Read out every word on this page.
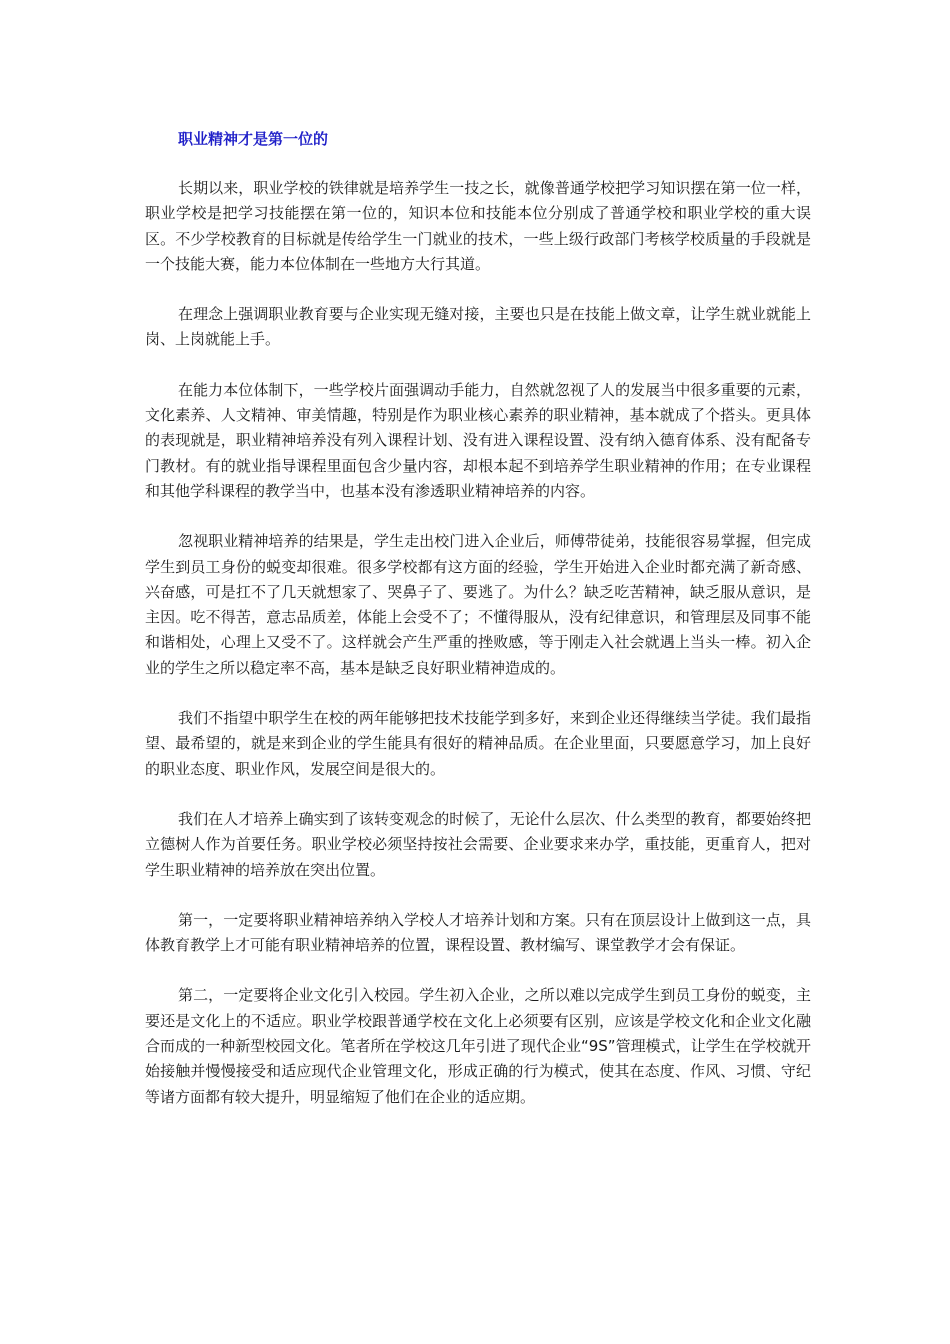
职业精神才是第一位的

长期以来，职业学校的铁律就是培养学生一技之长，就像普通学校把学习知识摆在第一位一样，职业学校是把学习技能摆在第一位的，知识本位和技能本位分别成了普通学校和职业学校的重大误区。不少学校教育的目标就是传给学生一门就业的技术，一些上级行政部门考核学校质量的手段就是一个技能大赛，能力本位体制在一些地方大行其道。

在理念上强调职业教育要与企业实现无缝对接，主要也只是在技能上做文章，让学生就业就能上岗、上岗就能上手。

在能力本位体制下，一些学校片面强调动手能力，自然就忽视了人的发展当中很多重要的元素，文化素养、人文精神、审美情趣，特别是作为职业核心素养的职业精神，基本就成了个搭头。更具体的表现就是，职业精神培养没有列入课程计划、没有进入课程设置、没有纳入德育体系、没有配备专门教材。有的就业指导课程里面包含少量内容，却根本起不到培养学生职业精神的作用；在专业课程和其他学科课程的教学当中，也基本没有渗透职业精神培养的内容。

忽视职业精神培养的结果是，学生走出校门进入企业后，师傅带徒弟，技能很容易掌握，但完成学生到员工身份的蜕变却很难。很多学校都有这方面的经验，学生开始进入企业时都充满了新奇感、兴奋感，可是扛不了几天就想家了、哭鼻子了、要逃了。为什么？缺乏吃苦精神，缺乏服从意识，是主因。吃不得苦，意志品质差，体能上会受不了；不懂得服从，没有纪律意识，和管理层及同事不能和谐相处，心理上又受不了。这样就会产生严重的挫败感，等于刚走入社会就遇上当头一棒。初入企业的学生之所以稳定率不高，基本是缺乏良好职业精神造成的。

我们不指望中职学生在校的两年能够把技术技能学到多好，来到企业还得继续当学徒。我们最指望、最希望的，就是来到企业的学生能具有很好的精神品质。在企业里面，只要愿意学习，加上良好的职业态度、职业作风，发展空间是很大的。

我们在人才培养上确实到了该转变观念的时候了，无论什么层次、什么类型的教育，都要始终把立德树人作为首要任务。职业学校必须坚持按社会需要、企业要求来办学，重技能，更重育人，把对学生职业精神的培养放在突出位置。

第一，一定要将职业精神培养纳入学校人才培养计划和方案。只有在顶层设计上做到这一点，具体教育教学上才可能有职业精神培养的位置，课程设置、教材编写、课堂教学才会有保证。

第二，一定要将企业文化引入校园。学生初入企业，之所以难以完成学生到员工身份的蜕变，主要还是文化上的不适应。职业学校跟普通学校在文化上必须要有区别，应该是学校文化和企业文化融合而成的一种新型校园文化。笔者所在学校这几年引进了现代企业“9S”管理模式，让学生在学校就开始接触并慢慢接受和适应现代企业管理文化，形成正确的行为模式，使其在态度、作风、习惯、守纪等诸方面都有较大提升，明显缩短了他们在企业的适应期。
